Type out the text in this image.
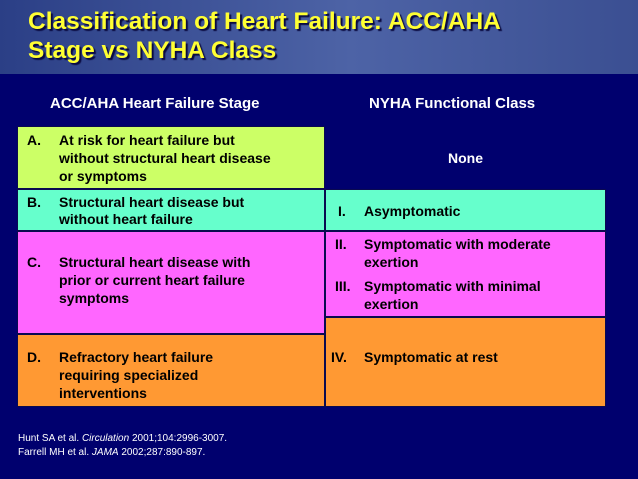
Classification of Heart Failure: ACC/AHA
Stage vs NYHA Class
ACC/AHA Heart Failure Stage	NYHA Functional Class
A. At risk for heart failure but
without structural heart disease
or symptoms
B. Structural heart disease but
without heart failure
C. Structural heart disease with
prior or current heart failure
symptoms
D. Refractory heart failure
requiring specialized
interventions
None
I. Asymptomatic
II. Symptomatic with moderate
exertion
III. Symptomatic with minimal
exertion
IV. Symptomatic at rest
Hunt SA et al. Circulation 2001;104:2996-3007.
Farrell MH et al. JAMA 2002;287:890-897.
